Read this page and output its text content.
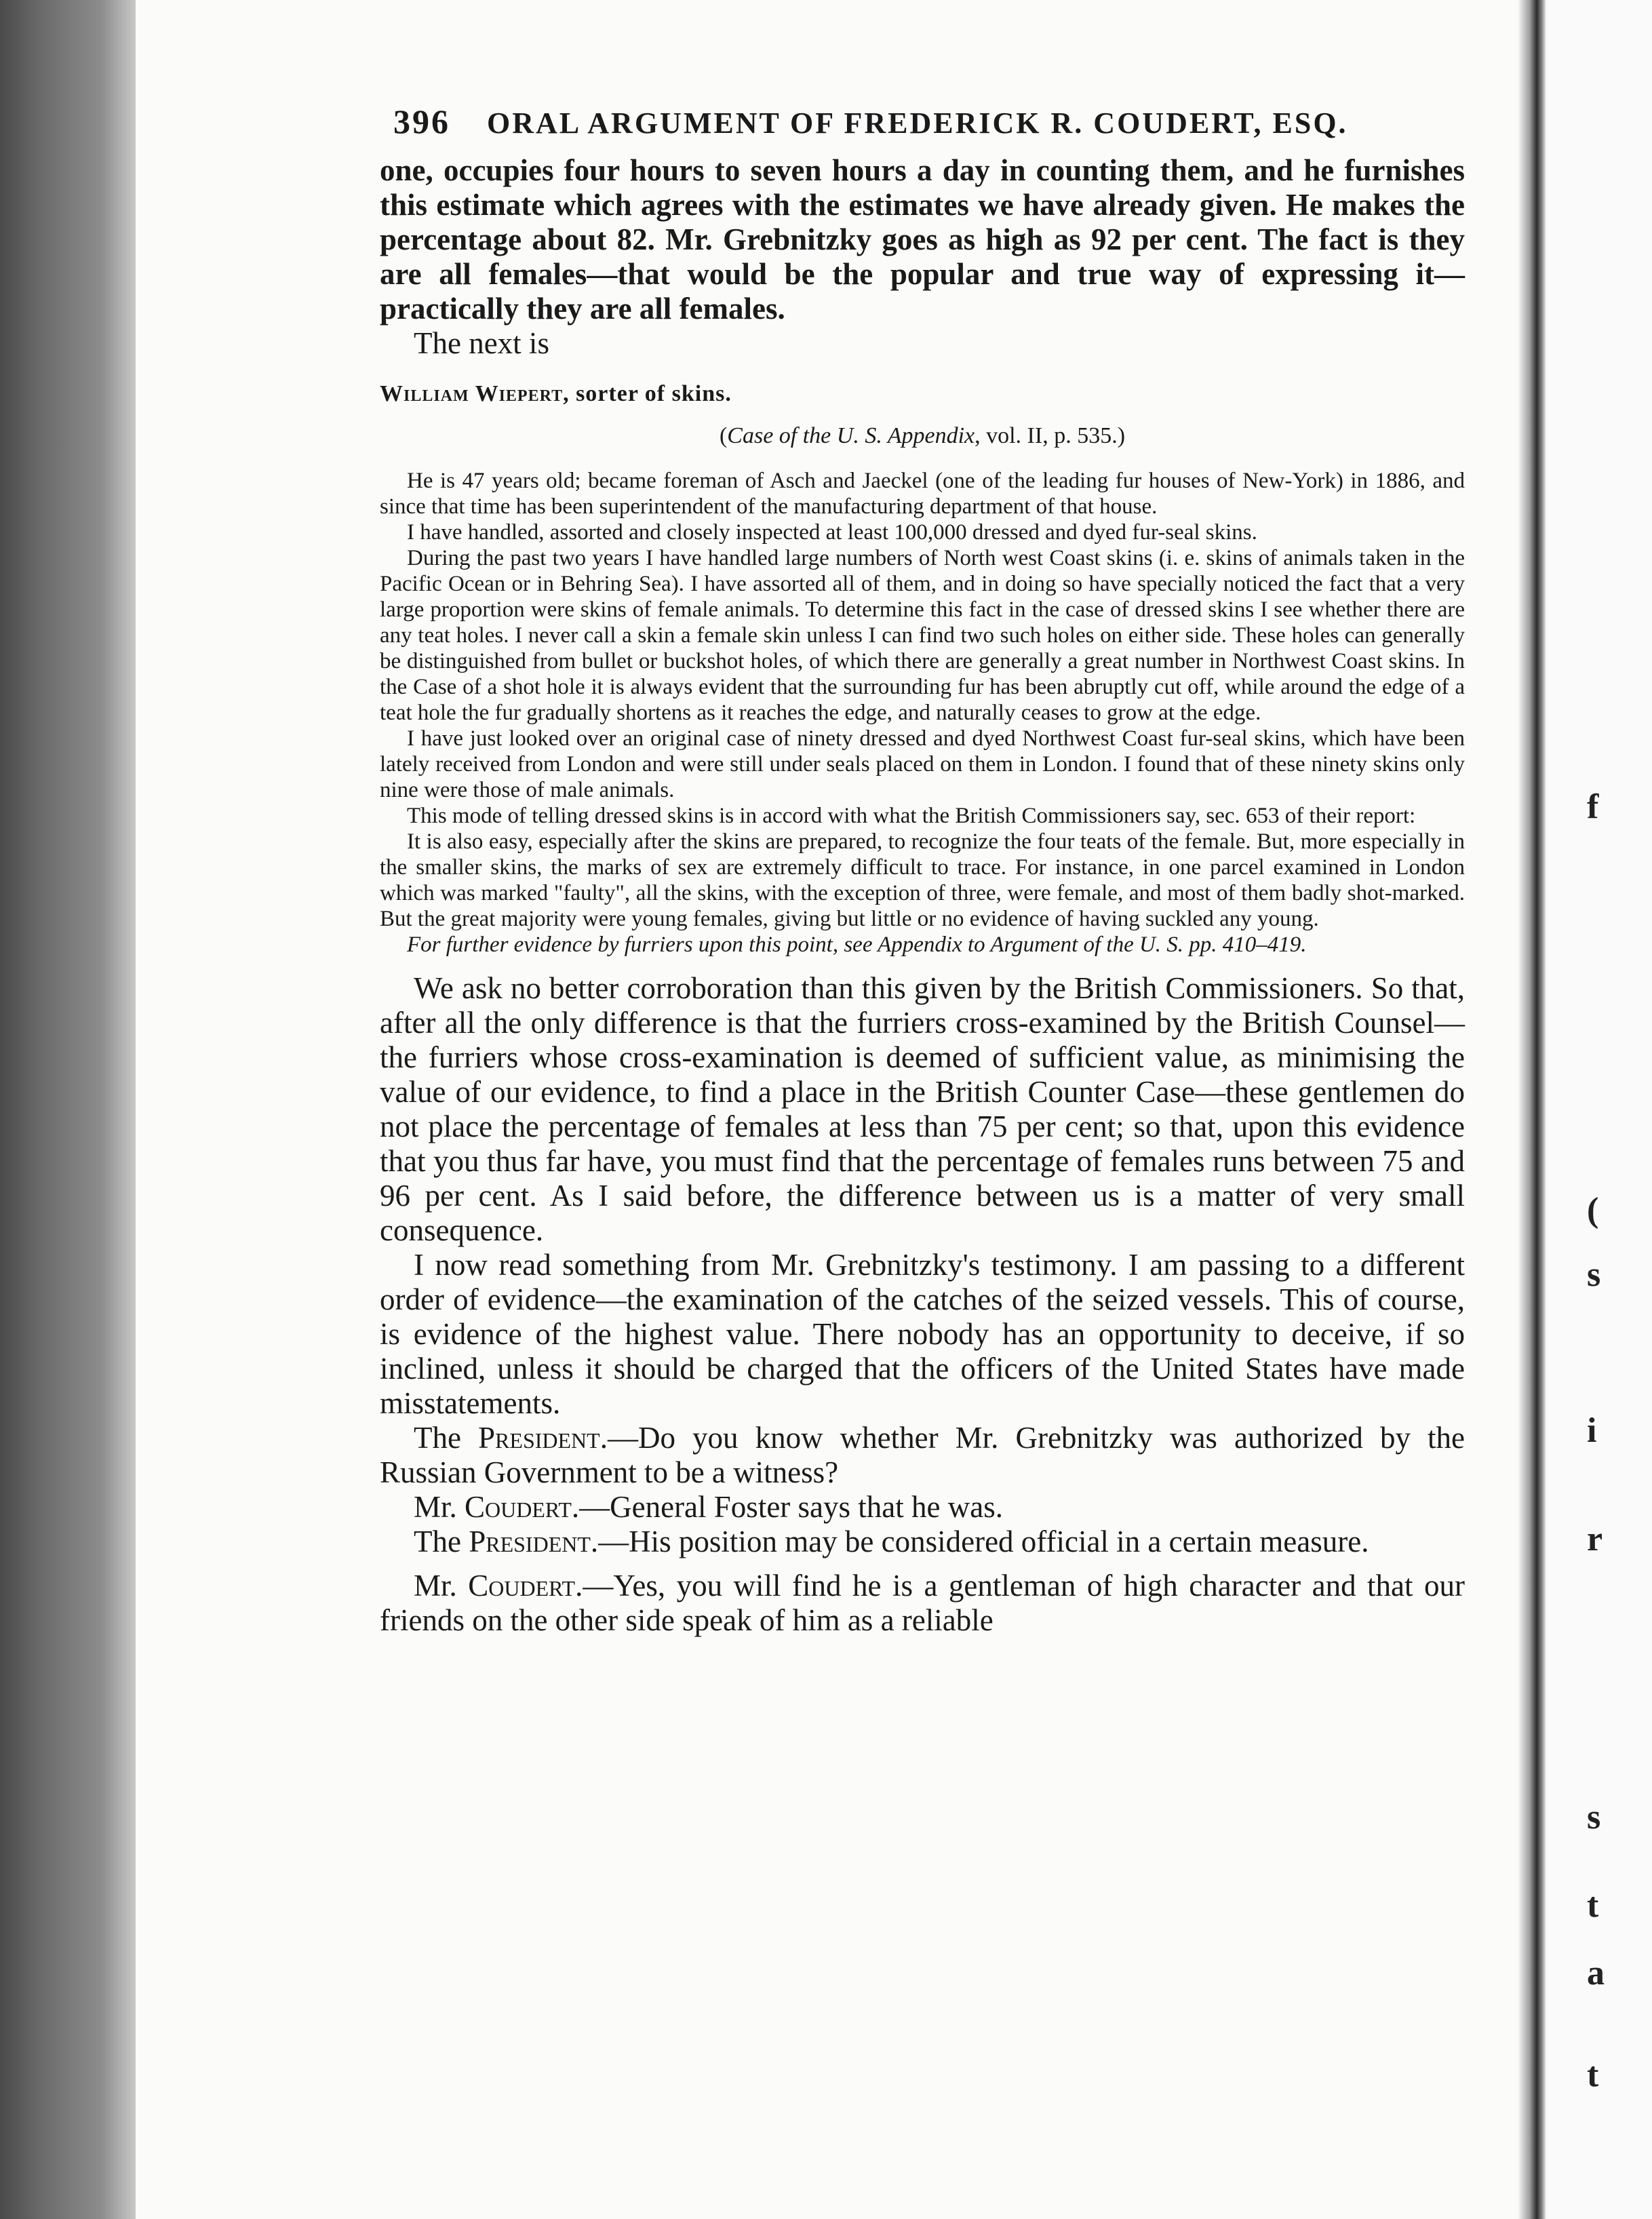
f
(
s
i
r
s
t
a
t
396 ORAL ARGUMENT OF FREDERICK R. COUDERT, ESQ.

one, occupies four hours to seven hours a day in counting them, and he furnishes this estimate which agrees with the estimates we have already given. He makes the percentage about 82. Mr. Grebnitzky goes as high as 92 per cent. The fact is they are all females—that would be the popular and true way of expressing it—practically they are all females.

The next is

William Wiepert, sorter of skins.
(Case of the U. S. Appendix, vol. II, p. 535.)

He is 47 years old; became foreman of Asch and Jaeckel (one of the leading fur houses of New-York) in 1886, and since that time has been superintendent of the manufacturing department of that house.

I have handled, assorted and closely inspected at least 100,000 dressed and dyed fur-seal skins.

During the past two years I have handled large numbers of North west Coast skins (i. e. skins of animals taken in the Pacific Ocean or in Behring Sea). I have assorted all of them, and in doing so have specially noticed the fact that a very large proportion were skins of female animals. To determine this fact in the case of dressed skins I see whether there are any teat holes. I never call a skin a female skin unless I can find two such holes on either side. These holes can generally be distinguished from bullet or buckshot holes, of which there are generally a great number in Northwest Coast skins. In the Case of a shot hole it is always evident that the surrounding fur has been abruptly cut off, while around the edge of a teat hole the fur gradually shortens as it reaches the edge, and naturally ceases to grow at the edge.

I have just looked over an original case of ninety dressed and dyed Northwest Coast fur-seal skins, which have been lately received from London and were still under seals placed on them in London. I found that of these ninety skins only nine were those of male animals.

This mode of telling dressed skins is in accord with what the British Commissioners say, sec. 653 of their report:

It is also easy, especially after the skins are prepared, to recognize the four teats of the female. But, more especially in the smaller skins, the marks of sex are extremely difficult to trace. For instance, in one parcel examined in London which was marked "faulty", all the skins, with the exception of three, were female, and most of them badly shot-marked. But the great majority were young females, giving but little or no evidence of having suckled any young.

For further evidence by furriers upon this point, see Appendix to Argument of the U. S. pp. 410–419.

We ask no better corroboration than this given by the British Commissioners. So that, after all the only difference is that the furriers cross-examined by the British Counsel—the furriers whose cross-examination is deemed of sufficient value, as minimising the value of our evidence, to find a place in the British Counter Case—these gentlemen do not place the percentage of females at less than 75 per cent; so that, upon this evidence that you thus far have, you must find that the percentage of females runs between 75 and 96 per cent. As I said before, the difference between us is a matter of very small consequence.

I now read something from Mr. Grebnitzky's testimony. I am passing to a different order of evidence—the examination of the catches of the seized vessels. This of course, is evidence of the highest value. There nobody has an opportunity to deceive, if so inclined, unless it should be charged that the officers of the United States have made misstatements.

The President.—Do you know whether Mr. Grebnitzky was authorized by the Russian Government to be a witness?

Mr. Coudert.—General Foster says that he was.

The President.—His position may be considered official in a certain measure.

Mr. Coudert.—Yes, you will find he is a gentleman of high character and that our friends on the other side speak of him as a reliable
